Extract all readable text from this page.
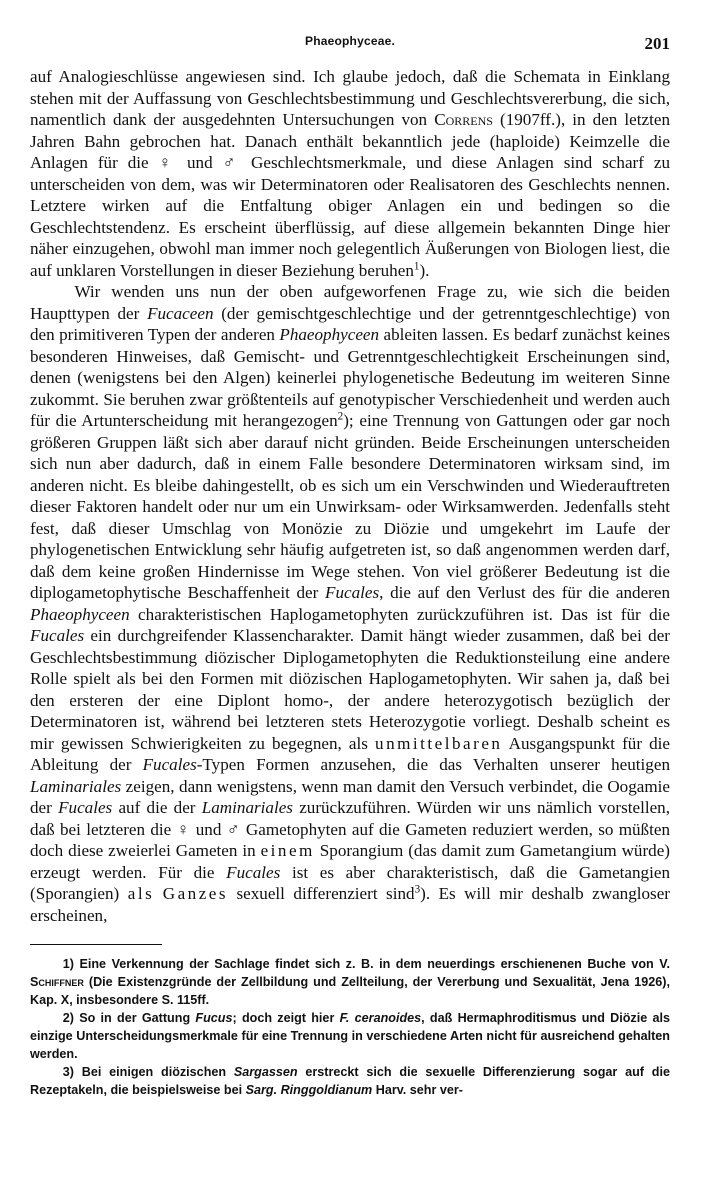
Phaeophyceae.	201

auf Analogieschlüsse angewiesen sind. Ich glaube jedoch, daß die Schemata in Einklang stehen mit der Auffassung von Geschlechtsbestimmung und Geschlechtsvererbung, die sich, namentlich dank der ausgedehnten Untersuchungen von Correns (1907ff.), in den letzten Jahren Bahn gebrochen hat. Danach enthält bekanntlich jede (haploide) Keimzelle die Anlagen für die ♀ und ♂ Geschlechtsmerkmale, und diese Anlagen sind scharf zu unterscheiden von dem, was wir Determinatoren oder Realisatoren des Geschlechts nennen. Letztere wirken auf die Entfaltung obiger Anlagen ein und bedingen so die Geschlechtstendenz. Es erscheint überflüssig, auf diese allgemein bekannten Dinge hier näher einzugehen, obwohl man immer noch gelegentlich Äußerungen von Biologen liest, die auf unklaren Vorstellungen in dieser Beziehung beruhen$^1$).

Wir wenden uns nun der oben aufgeworfenen Frage zu, wie sich die beiden Haupttypen der Fucaceen (der gemischtgeschlechtige und der getrenntgeschlechtige) von den primitiveren Typen der anderen Phaeophyceen ableiten lassen. Es bedarf zunächst keines besonderen Hinweises, daß Gemischt- und Getrenntgeschlechtigkeit Erscheinungen sind, denen (wenigstens bei den Algen) keinerlei phylogenetische Bedeutung im weiteren Sinne zukommt. Sie beruhen zwar größtenteils auf genotypischer Verschiedenheit und werden auch für die Artunterscheidung mit herangezogen$^2$); eine Trennung von Gattungen oder gar noch größeren Gruppen läßt sich aber darauf nicht gründen. Beide Erscheinungen unterscheiden sich nun aber dadurch, daß in einem Falle besondere Determinatoren wirksam sind, im anderen nicht. Es bleibe dahingestellt, ob es sich um ein Verschwinden und Wiederauftreten dieser Faktoren handelt oder nur um ein Unwirksam- oder Wirksamwerden. Jedenfalls steht fest, daß dieser Umschlag von Monözie zu Diözie und umgekehrt im Laufe der phylogenetischen Entwicklung sehr häufig aufgetreten ist, so daß angenommen werden darf, daß dem keine großen Hindernisse im Wege stehen. Von viel größerer Bedeutung ist die diplogametophytische Beschaffenheit der Fucales, die auf den Verlust des für die anderen Phaeophyceen charakteristischen Haplogametophyten zurückzuführen ist. Das ist für die Fucales ein durchgreifender Klassencharakter. Damit hängt wieder zusammen, daß bei der Geschlechtsbestimmung diözischer Diplogametophyten die Reduktionsteilung eine andere Rolle spielt als bei den Formen mit diözischen Haplogametophyten. Wir sahen ja, daß bei den ersteren der eine Diplont homo-, der andere heterozygotisch bezüglich der Determinatoren ist, während bei letzteren stets Heterozygotie vorliegt. Deshalb scheint es mir gewissen Schwierigkeiten zu begegnen, als unmittelbaren Ausgangspunkt für die Ableitung der Fucales-Typen Formen anzusehen, die das Verhalten unserer heutigen Laminariales zeigen, dann wenigstens, wenn man damit den Versuch verbindet, die Oogamie der Fucales auf die der Laminariales zurückzuführen. Würden wir uns nämlich vorstellen, daß bei letzteren die ♀ und ♂ Gametophyten auf die Gameten reduziert werden, so müßten doch diese zweierlei Gameten in einem Sporangium (das damit zum Gametangium würde) erzeugt werden. Für die Fucales ist es aber charakteristisch, daß die Gametangien (Sporangien) als Ganzes sexuell differenziert sind$^3$). Es will mir deshalb zwangloser erscheinen,

1) Eine Verkennung der Sachlage findet sich z. B. in dem neuerdings erschienenen Buche von V. Schiffner (Die Existenzgründe der Zellbildung und Zellteilung, der Vererbung und Sexualität, Jena 1926), Kap. X, insbesondere S. 115ff.

2) So in der Gattung Fucus; doch zeigt hier F. ceranoides, daß Hermaphroditismus und Diözie als einzige Unterscheidungsmerkmale für eine Trennung in verschiedene Arten nicht für ausreichend gehalten werden.

3) Bei einigen diözischen Sargassen erstreckt sich die sexuelle Differenzierung sogar auf die Rezeptakeln, die beispielsweise bei Sarg. Ringgoldianum Harv. sehr ver-
